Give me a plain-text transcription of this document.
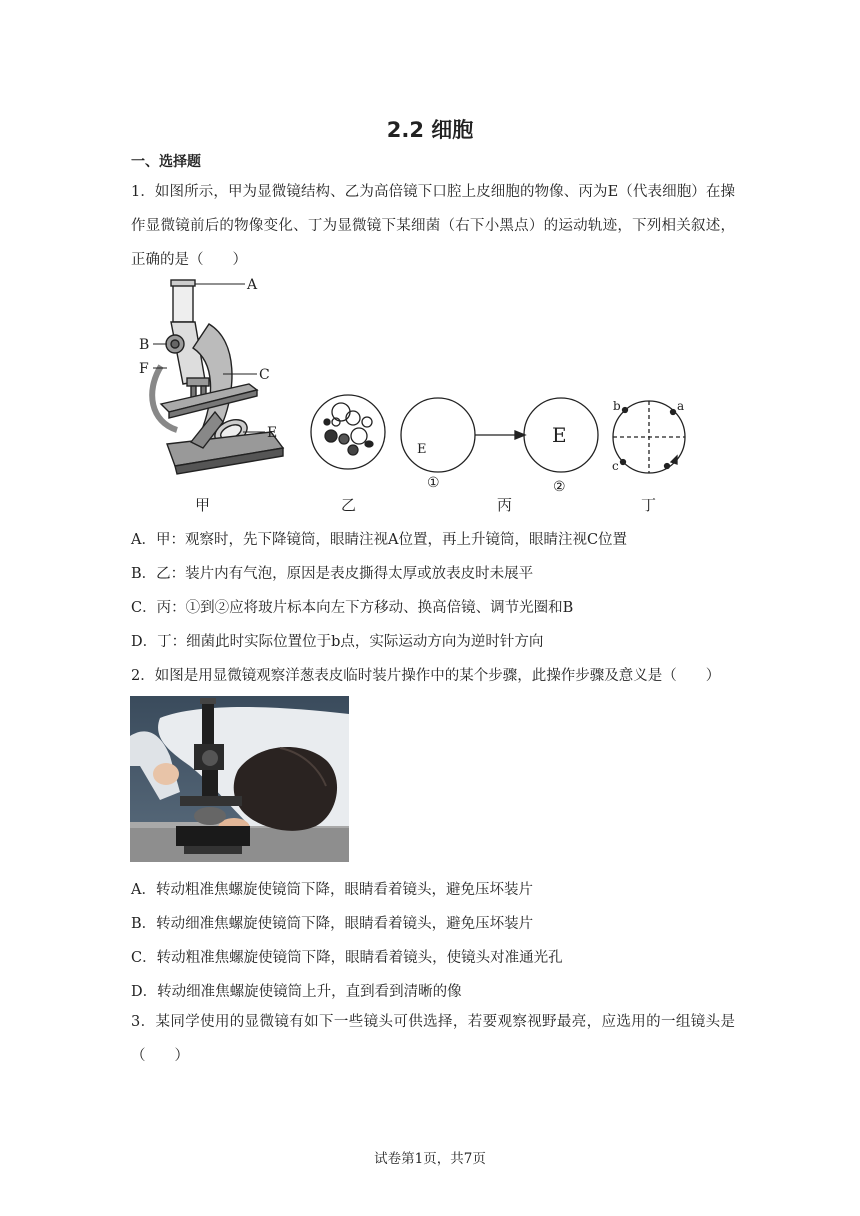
2.2 细胞
一、选择题

1．如图所示，甲为显微镜结构、乙为高倍镜下口腔上皮细胞的物像、丙为E（代表细胞）在操作显微镜前后的物像变化、丁为显微镜下某细菌（右下小黑点）的运动轨迹，下列相关叙述，正确的是（　　）

A
B
F	C
E
E
E
①	②
b	a
c
甲	乙	丙	丁
A．甲：观察时，先下降镜筒，眼睛注视A位置，再上升镜筒，眼睛注视C位置
B．乙：装片内有气泡，原因是表皮撕得太厚或放表皮时未展平
C．丙：①到②应将玻片标本向左下方移动、换高倍镜、调节光圈和B
D．丁：细菌此时实际位置位于b点，实际运动方向为逆时针方向
2．如图是用显微镜观察洋葱表皮临时装片操作中的某个步骤，此操作步骤及意义是（　　）
A．转动粗准焦螺旋使镜筒下降，眼睛看着镜头，避免压坏装片
B．转动细准焦螺旋使镜筒下降，眼睛看着镜头，避免压坏装片
C．转动粗准焦螺旋使镜筒下降，眼睛看着镜头，使镜头对准通光孔
D．转动细准焦螺旋使镜筒上升，直到看到清晰的像

3．某同学使用的显微镜有如下一些镜头可供选择，若要观察视野最亮，应选用的一组镜头是（　　）

试卷第1页，共7页
